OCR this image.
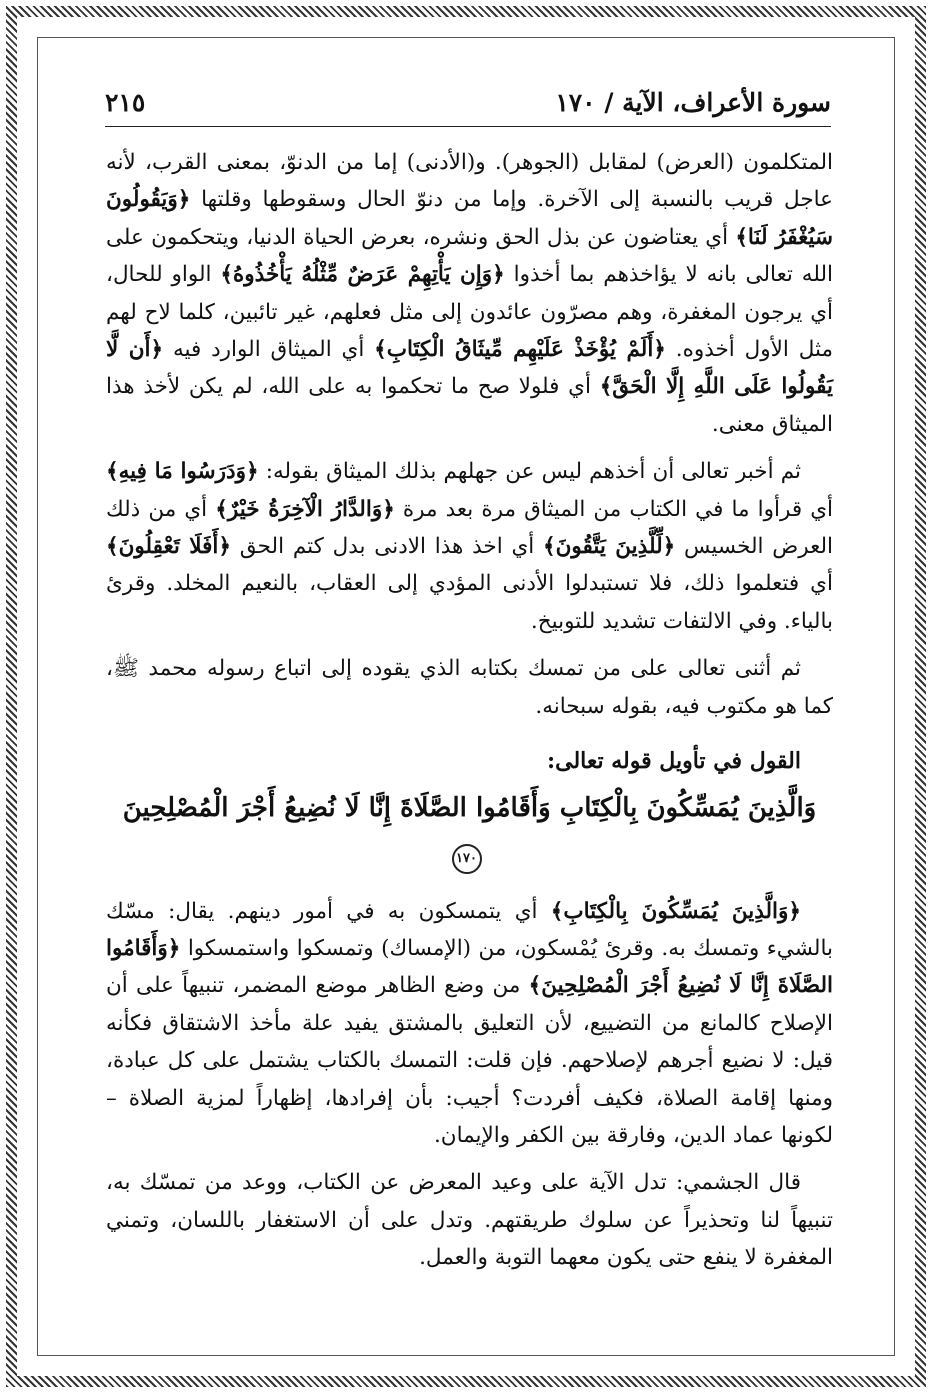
سورة الأعراف، الآية / ١٧٠
٢١٥

المتكلمون (العرض) لمقابل (الجوهر). و(الأدنى) إما من الدنوّ، بمعنى القرب، لأنه عاجل قريب بالنسبة إلى الآخرة. وإما من دنوّ الحال وسقوطها وقلتها ﴿وَيَقُولُونَ سَيُغْفَرُ لَنَا﴾ أي يعتاضون عن بذل الحق ونشره، بعرض الحياة الدنيا، ويتحكمون على الله تعالى بانه لا يؤاخذهم بما أخذوا ﴿وَإِن يَأْتِهِمْ عَرَضٌ مِّثْلُهُ يَأْخُذُوهُ﴾ الواو للحال، أي يرجون المغفرة، وهم مصرّون عائدون إلى مثل فعلهم، غير تائبين، كلما لاح لهم مثل الأول أخذوه. ﴿أَلَمْ يُؤْخَذْ عَلَيْهِم مِّيثَاقُ الْكِتَابِ﴾ أي الميثاق الوارد فيه ﴿أَن لَّا يَقُولُوا عَلَى اللَّهِ إِلَّا الْحَقَّ﴾ أي فلولا صح ما تحكموا به على الله، لم يكن لأخذ هذا الميثاق معنى.

ثم أخبر تعالى أن أخذهم ليس عن جهلهم بذلك الميثاق بقوله: ﴿وَدَرَسُوا مَا فِيهِ﴾ أي قرأوا ما في الكتاب من الميثاق مرة بعد مرة ﴿وَالدَّارُ الْآخِرَةُ خَيْرٌ﴾ أي من ذلك العرض الخسيس ﴿لِّلَّذِينَ يَتَّقُونَ﴾ أي اخذ هذا الادنى بدل كتم الحق ﴿أَفَلَا تَعْقِلُونَ﴾ أي فتعلموا ذلك، فلا تستبدلوا الأدنى المؤدي إلى العقاب، بالنعيم المخلد. وقرئ بالياء. وفي الالتفات تشديد للتوبيخ.

ثم أثنى تعالى على من تمسك بكتابه الذي يقوده إلى اتباع رسوله محمد ﷺ، كما هو مكتوب فيه، بقوله سبحانه.

القول في تأويل قوله تعالى:

وَالَّذِينَ يُمَسِّكُونَ بِالْكِتَابِ وَأَقَامُوا الصَّلَاةَ إِنَّا لَا نُضِيعُ أَجْرَ الْمُصْلِحِينَ١٧٠

﴿وَالَّذِينَ يُمَسِّكُونَ بِالْكِتَابِ﴾ أي يتمسكون به في أمور دينهم. يقال: مسّك بالشيء وتمسك به. وقرئ يُمْسكون، من (الإمساك) وتمسكوا واستمسكوا ﴿وَأَقَامُوا الصَّلَاةَ إِنَّا لَا نُضِيعُ أَجْرَ الْمُصْلِحِينَ﴾ من وضع الظاهر موضع المضمر، تنبيهاً على أن الإصلاح كالمانع من التضييع، لأن التعليق بالمشتق يفيد علة مأخذ الاشتقاق فكأنه قيل: لا نضيع أجرهم لإصلاحهم. فإن قلت: التمسك بالكتاب يشتمل على كل عبادة، ومنها إقامة الصلاة، فكيف أفردت؟ أجيب: بأن إفرادها، إظهاراً لمزية الصلاة – لكونها عماد الدين، وفارقة بين الكفر والإيمان.

قال الجشمي: تدل الآية على وعيد المعرض عن الكتاب، ووعد من تمسّك به، تنبيهاً لنا وتحذيراً عن سلوك طريقتهم. وتدل على أن الاستغفار باللسان، وتمني المغفرة لا ينفع حتى يكون معهما التوبة والعمل.
